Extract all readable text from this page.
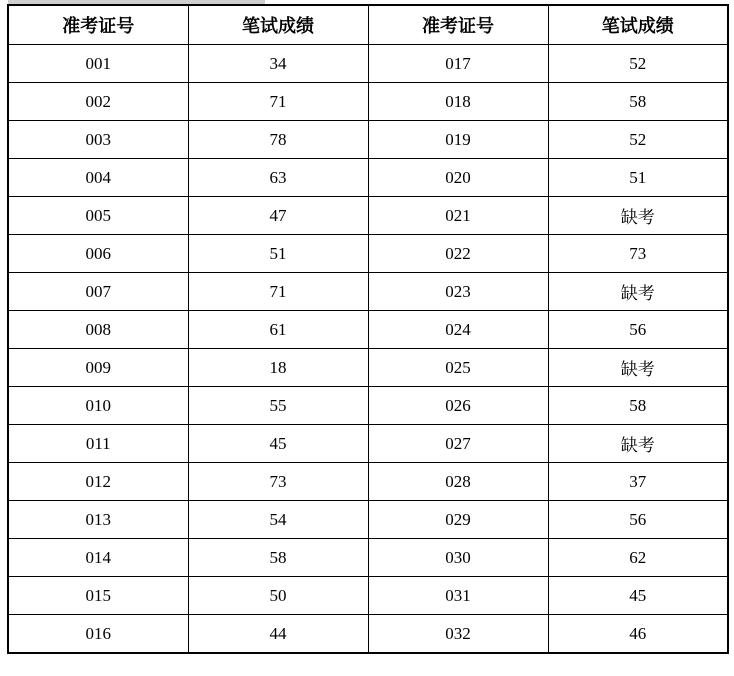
准考证号	笔试成绩	准考证号	笔试成绩
001	34	017	52
002	71	018	58
003	78	019	52
004	63	020	51
005	47	021	缺考
006	51	022	73
007	71	023	缺考
008	61	024	56
009	18	025	缺考
010	55	026	58
011	45	027	缺考
012	73	028	37
013	54	029	56
014	58	030	62
015	50	031	45
016	44	032	46
